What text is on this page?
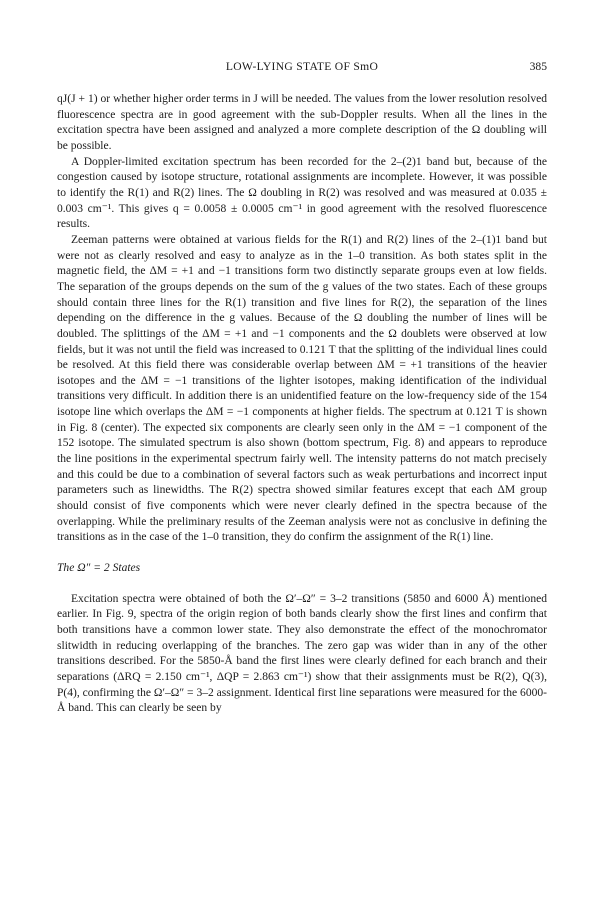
LOW-LYING STATE OF SmO	385

qJ(J + 1) or whether higher order terms in J will be needed. The values from the lower resolution resolved fluorescence spectra are in good agreement with the sub-Doppler results. When all the lines in the excitation spectra have been assigned and analyzed a more complete description of the Ω doubling will be possible.

A Doppler-limited excitation spectrum has been recorded for the 2–(2)1 band but, because of the congestion caused by isotope structure, rotational assignments are incomplete. However, it was possible to identify the R(1) and R(2) lines. The Ω doubling in R(2) was resolved and was measured at 0.035 ± 0.003 cm⁻¹. This gives q = 0.0058 ± 0.0005 cm⁻¹ in good agreement with the resolved fluorescence results.

Zeeman patterns were obtained at various fields for the R(1) and R(2) lines of the 2–(1)1 band but were not as clearly resolved and easy to analyze as in the 1–0 transition. As both states split in the magnetic field, the ΔM = +1 and −1 transitions form two distinctly separate groups even at low fields. The separation of the groups depends on the sum of the g values of the two states. Each of these groups should contain three lines for the R(1) transition and five lines for R(2), the separation of the lines depending on the difference in the g values. Because of the Ω doubling the number of lines will be doubled. The splittings of the ΔM = +1 and −1 components and the Ω doublets were observed at low fields, but it was not until the field was increased to 0.121 T that the splitting of the individual lines could be resolved. At this field there was considerable overlap between ΔM = +1 transitions of the heavier isotopes and the ΔM = −1 transitions of the lighter isotopes, making identification of the individual transitions very difficult. In addition there is an unidentified feature on the low-frequency side of the 154 isotope line which overlaps the ΔM = −1 components at higher fields. The spectrum at 0.121 T is shown in Fig. 8 (center). The expected six components are clearly seen only in the ΔM = −1 component of the 152 isotope. The simulated spectrum is also shown (bottom spectrum, Fig. 8) and appears to reproduce the line positions in the experimental spectrum fairly well. The intensity patterns do not match precisely and this could be due to a combination of several factors such as weak perturbations and incorrect input parameters such as linewidths. The R(2) spectra showed similar features except that each ΔM group should consist of five components which were never clearly defined in the spectra because of the overlapping. While the preliminary results of the Zeeman analysis were not as conclusive in defining the transitions as in the case of the 1–0 transition, they do confirm the assignment of the R(1) line.

The Ω″ = 2 States

Excitation spectra were obtained of both the Ω′–Ω″ = 3–2 transitions (5850 and 6000 Å) mentioned earlier. In Fig. 9, spectra of the origin region of both bands clearly show the first lines and confirm that both transitions have a common lower state. They also demonstrate the effect of the monochromator slitwidth in reducing overlapping of the branches. The zero gap was wider than in any of the other transitions described. For the 5850-Å band the first lines were clearly defined for each branch and their separations (ΔRQ = 2.150 cm⁻¹, ΔQP = 2.863 cm⁻¹) show that their assignments must be R(2), Q(3), P(4), confirming the Ω′–Ω″ = 3–2 assignment. Identical first line separations were measured for the 6000-Å band. This can clearly be seen by
